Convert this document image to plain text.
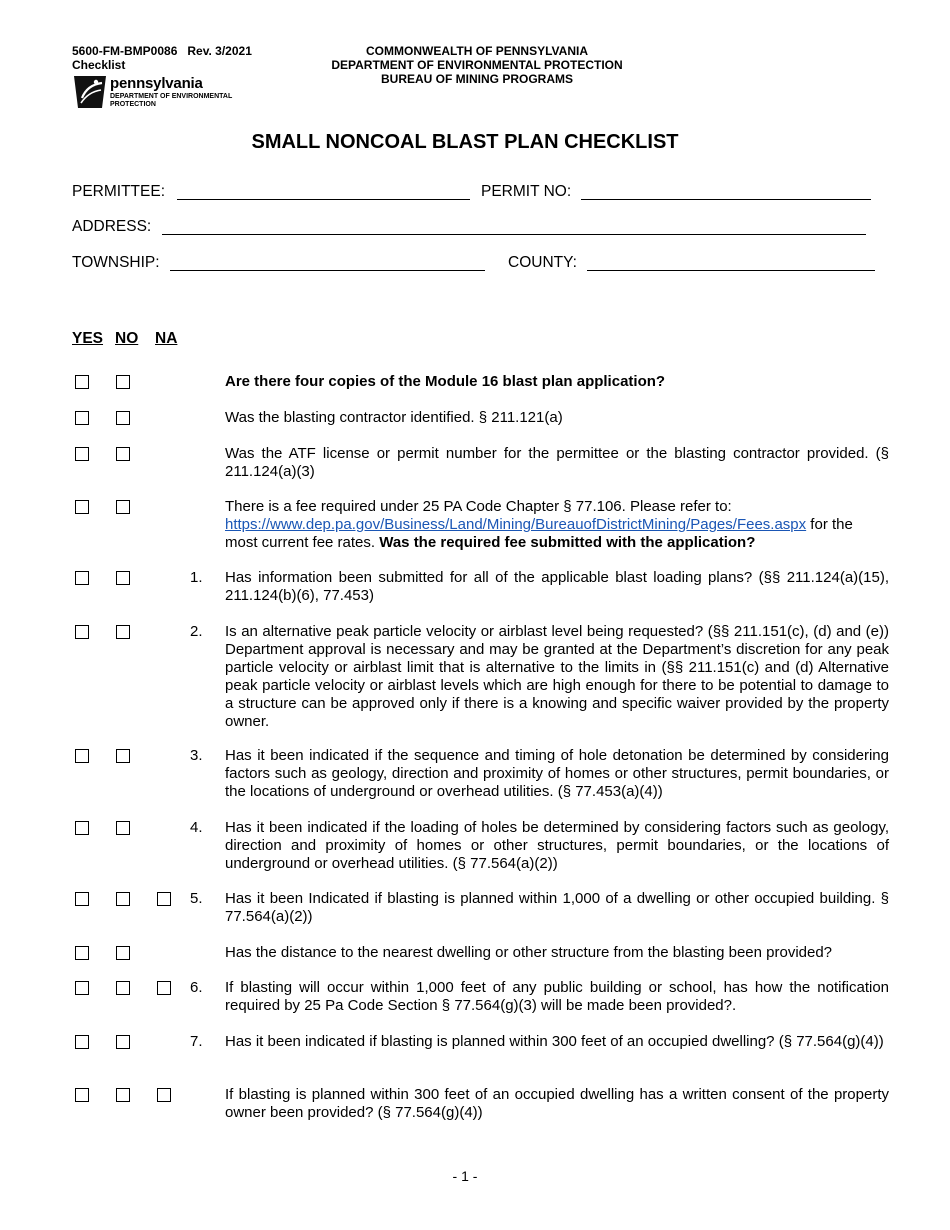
5600-FM-BMP0086 Rev. 3/2021
Checklist
COMMONWEALTH OF PENNSYLVANIA
DEPARTMENT OF ENVIRONMENTAL PROTECTION
BUREAU OF MINING PROGRAMS
pennsylvania
DEPARTMENT OF ENVIRONMENTAL
PROTECTION
SMALL NONCOAL BLAST PLAN CHECKLIST
PERMITTEE:	PERMIT NO:
ADDRESS:
TOWNSHIP:	COUNTY:
YES NO NA
Are there four copies of the Module 16 blast plan application?
Was the blasting contractor identified. § 211.121(a)
Was the ATF license or permit number for the permittee or the blasting contractor provided. (§ 211.124(a)(3)
There is a fee required under 25 PA Code Chapter § 77.106. Please refer to:
https://www.dep.pa.gov/Business/Land/Mining/BureauofDistrictMining/Pages/Fees.aspx for the most current fee rates. Was the required fee submitted with the application?
1.	Has information been submitted for all of the applicable blast loading plans? (§§ 211.124(a)(15), 211.124(b)(6), 77.453)
2.	Is an alternative peak particle velocity or airblast level being requested? (§§ 211.151(c), (d) and (e)) Department approval is necessary and may be granted at the Department’s discretion for any peak particle velocity or airblast limit that is alternative to the limits in (§§ 211.151(c) and (d) Alternative peak particle velocity or airblast levels which are high enough for there to be potential to damage to a structure can be approved only if there is a knowing and specific waiver provided by the property owner.
3.	Has it been indicated if the sequence and timing of hole detonation be determined by considering factors such as geology, direction and proximity of homes or other structures, permit boundaries, or the locations of underground or overhead utilities. (§ 77.453(a)(4))
4.	Has it been indicated if the loading of holes be determined by considering factors such as geology, direction and proximity of homes or other structures, permit boundaries, or the locations of underground or overhead utilities. (§ 77.564(a)(2))
5.	Has it been Indicated if blasting is planned within 1,000 of a dwelling or other occupied building. § 77.564(a)(2))
Has the distance to the nearest dwelling or other structure from the blasting been provided?
6.	If blasting will occur within 1,000 feet of any public building or school, has how the notification required by 25 Pa Code Section § 77.564(g)(3) will be made been provided?.
7.	Has it been indicated if blasting is planned within 300 feet of an occupied dwelling? (§ 77.564(g)(4))
If blasting is planned within 300 feet of an occupied dwelling has a written consent of the property owner been provided? (§ 77.564(g)(4))
- 1 -
